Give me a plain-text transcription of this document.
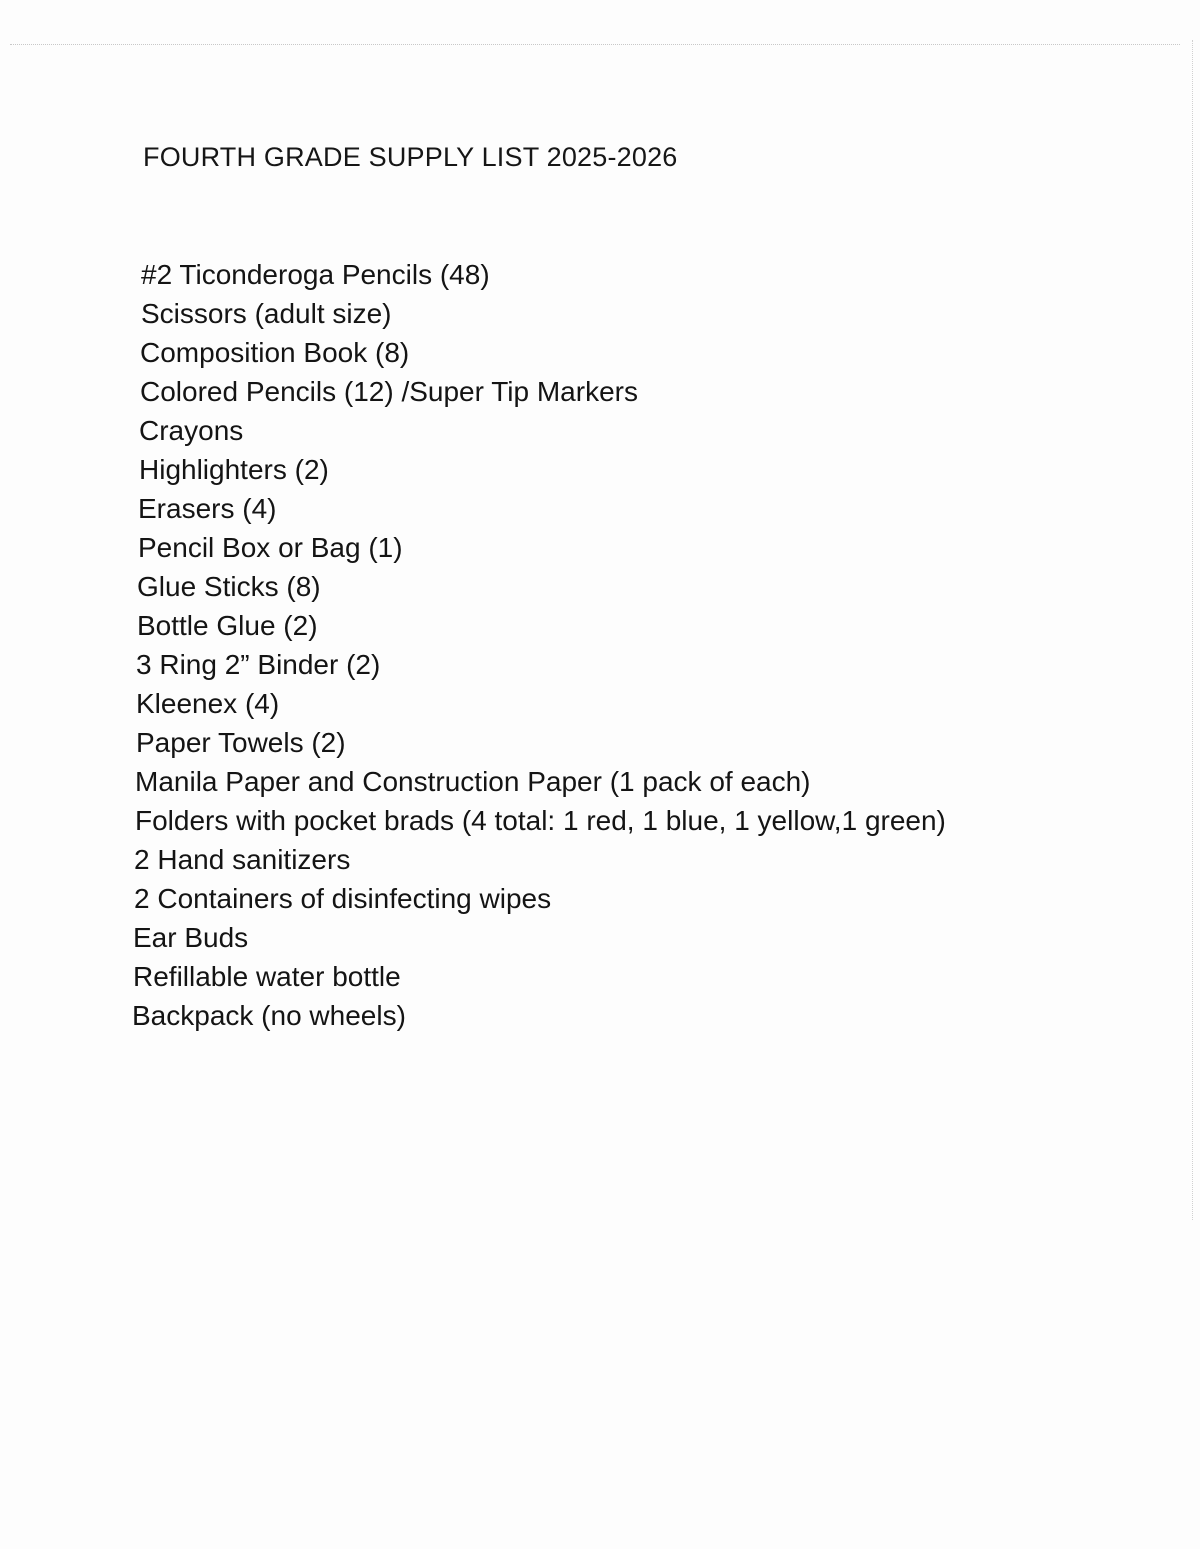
FOURTH GRADE SUPPLY LIST 2025-2026
#2 Ticonderoga Pencils (48)
Scissors (adult size)
Composition Book (8)
Colored Pencils (12) /Super Tip Markers
Crayons
Highlighters (2)
Erasers (4)
Pencil Box or Bag (1)
Glue Sticks (8)
Bottle Glue (2)
3 Ring 2” Binder (2)
Kleenex (4)
Paper Towels (2)
Manila Paper and Construction Paper (1 pack of each)
Folders with pocket brads (4 total: 1 red, 1 blue, 1 yellow,1 green)
2 Hand sanitizers
2 Containers of disinfecting wipes
Ear Buds
Refillable water bottle
Backpack (no wheels)
